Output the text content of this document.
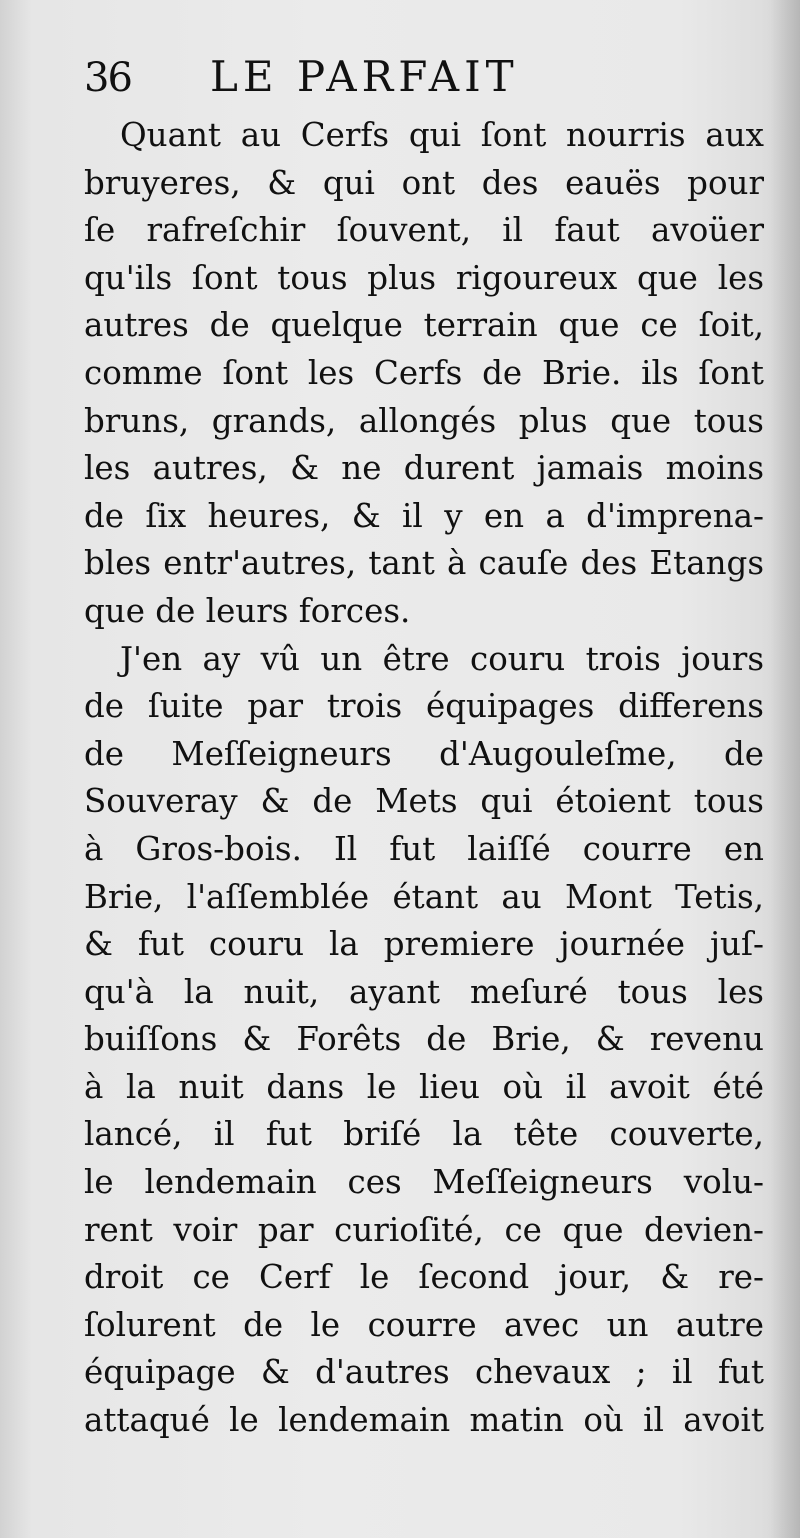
36	LE PARFAIT
Quant au Cerfs qui ſont nourris aux
bruyeres, & qui ont des eauës pour
ſe rafreſchir ſouvent, il faut avoüer
qu'ils ſont tous plus rigoureux que les
autres de quelque terrain que ce ſoit,
comme ſont les Cerfs de Brie. ils ſont
bruns, grands, allongés plus que tous
les autres, & ne durent jamais moins
de ſix heures, & il y en a d'imprena-
bles entr'autres, tant à cauſe des Etangs
que de leurs forces.
J'en ay vû un être couru trois jours
de ſuite par trois équipages differens
de Meſſeigneurs d'Augouleſme, de
Souveray & de Mets qui étoient tous
à Gros-bois. Il fut laiſſé courre en
Brie, l'aſſemblée étant au Mont Tetis,
& fut couru la premiere journée juſ-
qu'à la nuit, ayant meſuré tous les
buiſſons & Forêts de Brie, & revenu
à la nuit dans le lieu où il avoit été
lancé, il fut briſé la tête couverte,
le lendemain ces Meſſeigneurs volu-
rent voir par curioſité, ce que devien-
droit ce Cerf le ſecond jour, & re-
ſolurent de le courre avec un autre
équipage & d'autres chevaux ; il fut
attaqué le lendemain matin où il avoit
